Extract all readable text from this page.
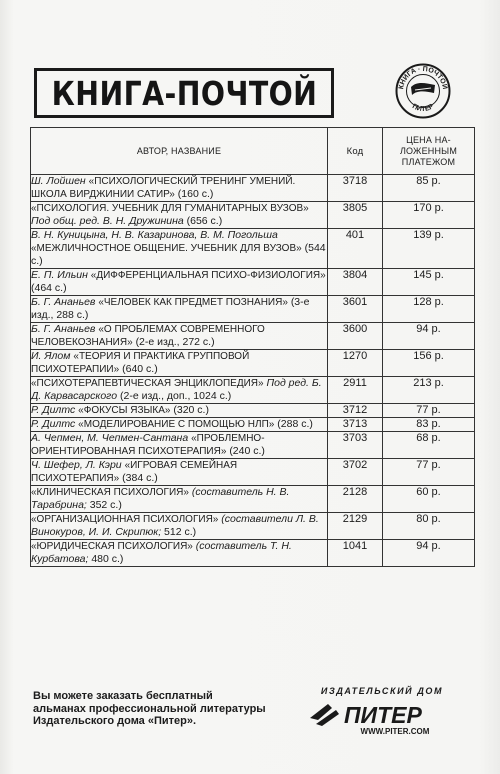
КНИГА-ПОЧТОЙ	КНИГА · ПОЧТОЙ
ПИТЕР
АВТОР, НАЗВАНИЕ	Код	ЦЕНА НА-
ЛОЖЕННЫМ
ПЛАТЕЖОМ
Ш. Лойшен «ПСИХОЛОГИЧЕСКИЙ ТРЕНИНГ УМЕНИЙ. ШКОЛА ВИРДЖИНИИ САТИР» (160 с.)	3718	85 р.
«ПСИХОЛОГИЯ. УЧЕБНИК ДЛЯ ГУМАНИТАРНЫХ ВУЗОВ» Под общ. ред. В. Н. Дружинина (656 с.)	3805	170 р.
В. Н. Куницына, Н. В. Казаринова, В. М. Погольша «МЕЖЛИЧНОСТНОЕ ОБЩЕНИЕ. УЧЕБНИК ДЛЯ ВУЗОВ» (544 с.)	401	139 р.
Е. П. Ильин «ДИФФЕРЕНЦИАЛЬНАЯ ПСИХО-ФИЗИОЛОГИЯ» (464 с.)	3804	145 р.
Б. Г. Ананьев «ЧЕЛОВЕК КАК ПРЕДМЕТ ПОЗНАНИЯ» (3-е изд., 288 с.)	3601	128 р.
Б. Г. Ананьев «О ПРОБЛЕМАХ СОВРЕМЕННОГО ЧЕЛОВЕКОЗНАНИЯ» (2-е изд., 272 с.)	3600	94 р.
И. Ялом «ТЕОРИЯ И ПРАКТИКА ГРУППОВОЙ ПСИХОТЕРАПИИ» (640 с.)	1270	156 р.
«ПСИХОТЕРАПЕВТИЧЕСКАЯ ЭНЦИКЛОПЕДИЯ» Под ред. Б. Д. Карвасарского (2-е изд., доп., 1024 с.)	2911	213 р.
Р. Дилтс «ФОКУСЫ ЯЗЫКА» (320 с.)	3712	77 р.
Р. Дилтс «МОДЕЛИРОВАНИЕ С ПОМОЩЬЮ НЛП» (288 с.)	3713	83 р.
А. Чепмен, М. Чепмен-Сантана «ПРОБЛЕМНО-ОРИЕНТИРОВАННАЯ ПСИХОТЕРАПИЯ» (240 с.)	3703	68 р.
Ч. Шефер, Л. Кэри «ИГРОВАЯ СЕМЕЙНАЯ ПСИХОТЕРАПИЯ» (384 с.)	3702	77 р.
«КЛИНИЧЕСКАЯ ПСИХОЛОГИЯ» (составитель Н. В. Тарабрина; 352 с.)	2128	60 р.
«ОРГАНИЗАЦИОННАЯ ПСИХОЛОГИЯ» (составители Л. В. Винокуров, И. И. Скрипюк; 512 с.)	2129	80 р.
«ЮРИДИЧЕСКАЯ ПСИХОЛОГИЯ» (составитель Т. Н. Курбатова; 480 с.)	1041	94 р.
Вы можете заказать бесплатный
альманах профессиональной литературы
Издательского дома «Питер».
ИЗДАТЕЛЬСКИЙ ДОМ
ПИТЕР
WWW.PITER.COM
